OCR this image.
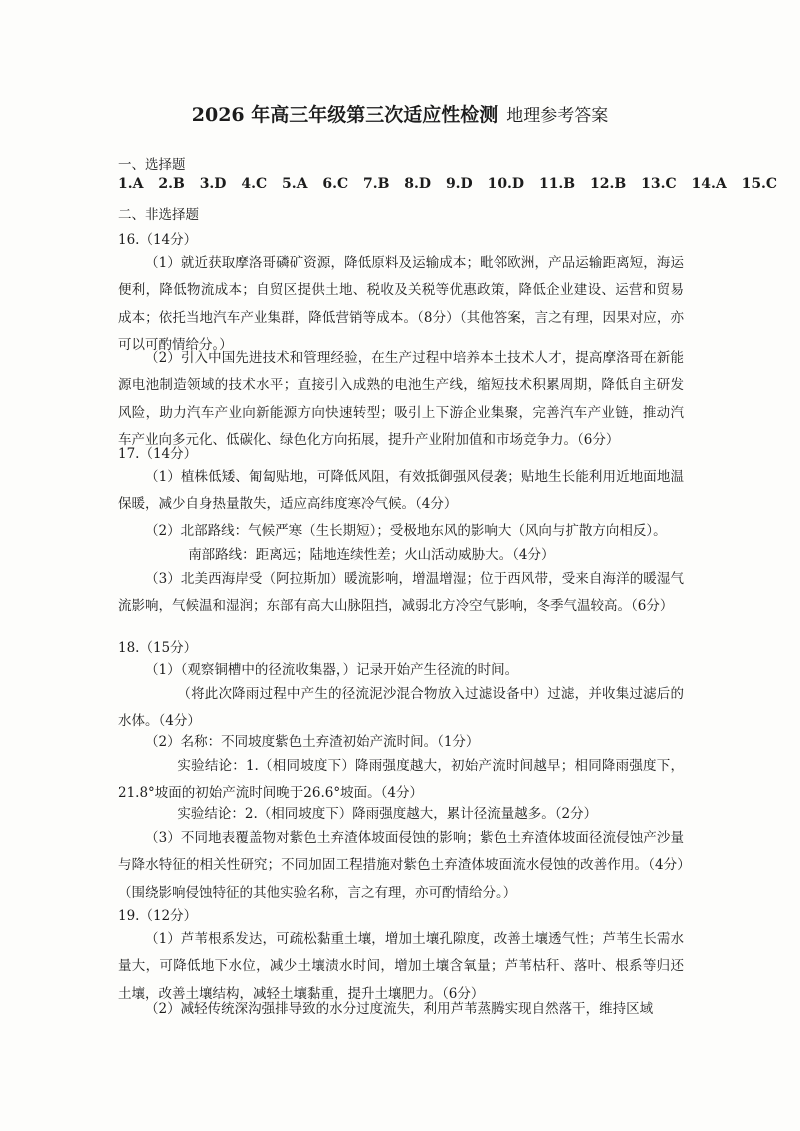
2026 年高三年级第三次适应性检测 地理参考答案
一、选择题
1.A 2.B 3.D 4.C 5.A 6.C 7.B 8.D 9.D 10.D 11.B 12.B 13.C 14.A 15.C
二、非选择题
16.（14分）

（1）就近获取摩洛哥磷矿资源，降低原料及运输成本；毗邻欧洲，产品运输距离短，海运便利，降低物流成本；自贸区提供土地、税收及关税等优惠政策，降低企业建设、运营和贸易成本；依托当地汽车产业集群，降低营销等成本。（8分）（其他答案，言之有理，因果对应，亦可以可酌情给分。）

（2）引入中国先进技术和管理经验，在生产过程中培养本土技术人才，提高摩洛哥在新能源电池制造领域的技术水平；直接引入成熟的电池生产线，缩短技术积累周期，降低自主研发风险，助力汽车产业向新能源方向快速转型；吸引上下游企业集聚，完善汽车产业链，推动汽车产业向多元化、低碳化、绿色化方向拓展，提升产业附加值和市场竞争力。（6分）

17.（14分）

（1）植株低矮、匍匐贴地，可降低风阻，有效抵御强风侵袭；贴地生长能利用近地面地温保暖，减少自身热量散失，适应高纬度寒冷气候。（4分）

（2）北部路线：气候严寒（生长期短）；受极地东风的影响大（风向与扩散方向相反）。

南部路线：距离远；陆地连续性差；火山活动威胁大。（4分）

（3）北美西海岸受（阿拉斯加）暖流影响，增温增湿；位于西风带，受来自海洋的暖湿气流影响，气候温和湿润；东部有高大山脉阻挡，减弱北方冷空气影响，冬季气温较高。（6分）

18.（15分）

（1）（观察铜槽中的径流收集器，）记录开始产生径流的时间。

（将此次降雨过程中产生的径流泥沙混合物放入过滤设备中）过滤，并收集过滤后的水体。（4分）

（2）名称：不同坡度紫色土弃渣初始产流时间。（1分）

实验结论：1.（相同坡度下）降雨强度越大，初始产流时间越早；相同降雨强度下，21.8°坡面的初始产流时间晚于26.6°坡面。（4分）

实验结论：2.（相同坡度下）降雨强度越大，累计径流量越多。（2分）

（3）不同地表覆盖物对紫色土弃渣体坡面侵蚀的影响；紫色土弃渣体坡面径流侵蚀产沙量与降水特征的相关性研究；不同加固工程措施对紫色土弃渣体坡面流水侵蚀的改善作用。（4分）（围绕影响侵蚀特征的其他实验名称，言之有理，亦可酌情给分。）

19.（12分）

（1）芦苇根系发达，可疏松黏重土壤，增加土壤孔隙度，改善土壤透气性；芦苇生长需水量大，可降低地下水位，减少土壤渍水时间，增加土壤含氧量；芦苇枯秆、落叶、根系等归还土壤，改善土壤结构，减轻土壤黏重，提升土壤肥力。（6分）

（2）减轻传统深沟强排导致的水分过度流失，利用芦苇蒸腾实现自然落干，维持区域
